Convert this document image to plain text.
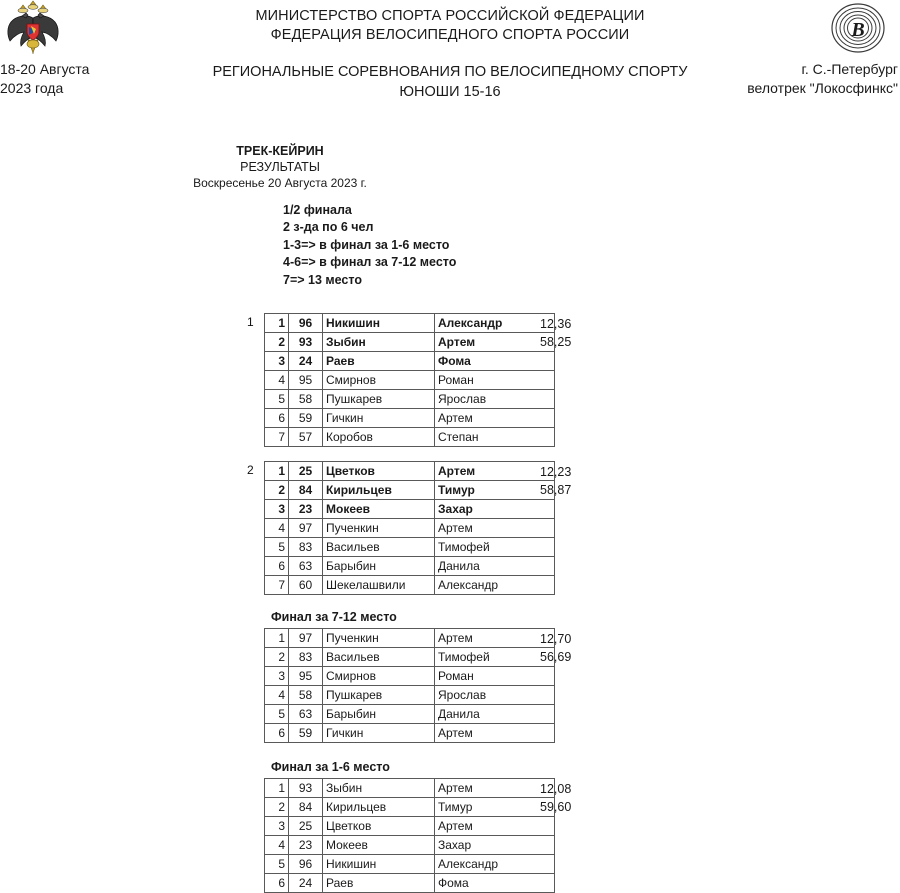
МИНИСТЕРСТВО СПОРТА РОССИЙСКОЙ ФЕДЕРАЦИИ
ФЕДЕРАЦИЯ ВЕЛОСИПЕДНОГО СПОРТА РОССИИ	B
18-20 Августа
2023 года
РЕГИОНАЛЬНЫЕ СОРЕВНОВАНИЯ ПО ВЕЛОСИПЕДНОМУ СПОРТУ
ЮНОШИ 15-16
г. С.-Петербург
велотрек "Локосфинкс"
ТРЕК-КЕЙРИН
РЕЗУЛЬТАТЫ
Воскресенье 20 Августа 2023 г.
1/2 финала
2 з-да по 6 чел
1-3=> в финал за 1-6 место
4-6=> в финал за 7-12 место
7=> 13 место
1 1	96	Никишин	Александр
2	93	Зыбин	Артем
3	24	Раев	Фома
4	95	Смирнов	Роман
5	58	Пушкарев	Ярослав
6	59	Гичкин	Артем
7	57	Коробов	Степан
12,36
58,25
2 1	25	Цветков	Артем
2	84	Кирильцев	Тимур
3	23	Мокеев	Захар
4	97	Пученкин	Артем
5	83	Васильев	Тимофей
6	63	Барыбин	Данила
7	60	Шекелашвили	Александр
12,23
58,87
1	97	Пученкин	Артем
2	83	Васильев	Тимофей
3	95	Смирнов	Роман
4	58	Пушкарев	Ярослав
5	63	Барыбин	Данила
6	59	Гичкин	Артем
12,70
56,69
Финал за 7-12 место
1	93	Зыбин	Артем
2	84	Кирильцев	Тимур
3	25	Цветков	Артем
4	23	Мокеев	Захар
5	96	Никишин	Александр
6	24	Раев	Фома
12,08
59,60
Финал за 1-6 место
